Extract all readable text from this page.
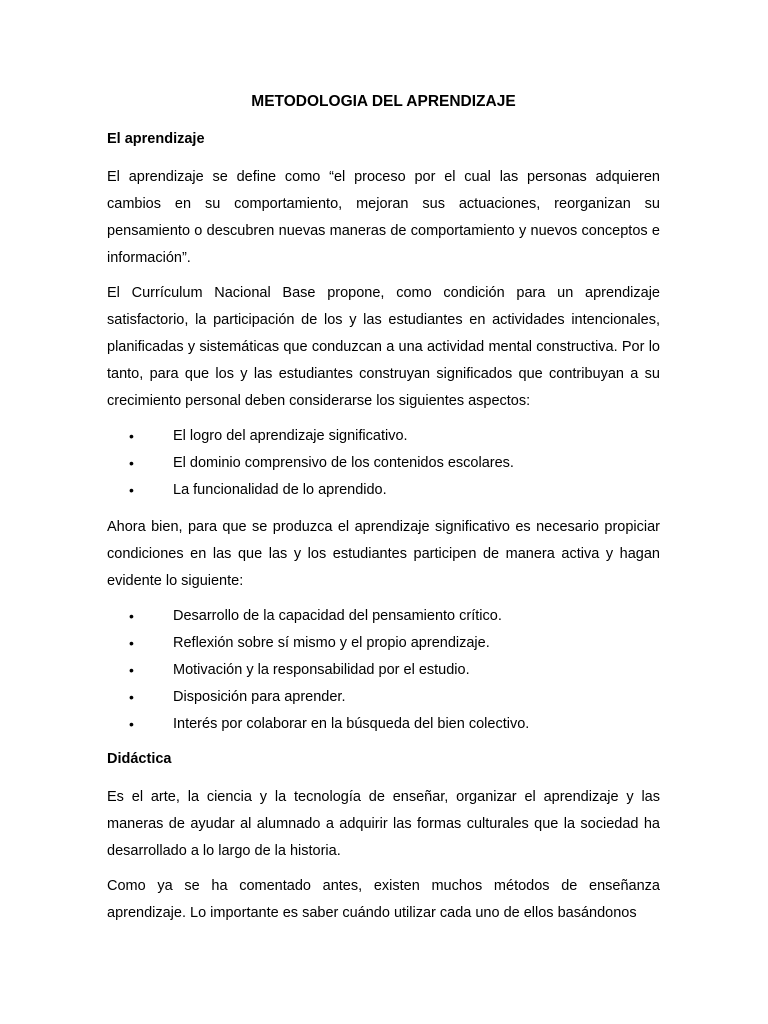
METODOLOGIA DEL APRENDIZAJE
El aprendizaje

El aprendizaje se define como “el proceso por el cual las personas adquieren cambios en su comportamiento, mejoran sus actuaciones, reorganizan su pensamiento o descubren nuevas maneras de comportamiento y nuevos conceptos e información”.

El Currículum Nacional Base propone, como condición para un aprendizaje satisfactorio, la participación de los y las estudiantes en actividades intencionales, planificadas y sistemáticas que conduzcan a una actividad mental constructiva. Por lo tanto, para que los y las estudiantes construyan significados que contribuyan a su crecimiento personal deben considerarse los siguientes aspectos:

•	El logro del aprendizaje significativo.
•	El dominio comprensivo de los contenidos escolares.
•	La funcionalidad de lo aprendido.

Ahora bien, para que se produzca el aprendizaje significativo es necesario propiciar condiciones en las que las y los estudiantes participen de manera activa y hagan evidente lo siguiente:

•	Desarrollo de la capacidad del pensamiento crítico.
•	Reflexión sobre sí mismo y el propio aprendizaje.
•	Motivación y la responsabilidad por el estudio.
•	Disposición para aprender.
•	Interés por colaborar en la búsqueda del bien colectivo.
Didáctica

Es el arte, la ciencia y la tecnología de enseñar, organizar el aprendizaje y las maneras de ayudar al alumnado a adquirir las formas culturales que la sociedad ha desarrollado a lo largo de la historia.

Como ya se ha comentado antes, existen muchos métodos de enseñanza aprendizaje. Lo importante es saber cuándo utilizar cada uno de ellos basándonos
